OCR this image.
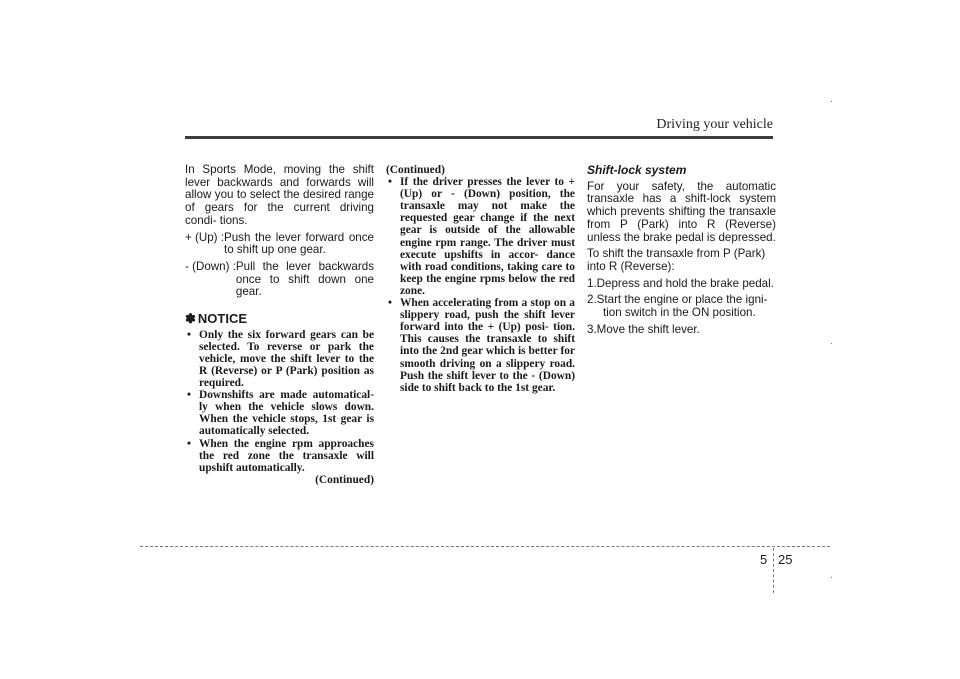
Driving your vehicle

In Sports Mode, moving the shift lever backwards and forwards will allow you to select the desired range of gears for the current driving condi- tions.

+ (Up) : Push the lever forward once to shift up one gear.
- (Down) : Pull the lever backwards once to shift down one gear.
✽ NOTICE
• Only the six forward gears can be selected. To reverse or park the vehicle, move the shift lever to the R (Reverse) or P (Park) position as required.
• Downshifts are made automatical- ly when the vehicle slows down. When the vehicle stops, 1st gear is automatically selected.
• When the engine rpm approaches the red zone the transaxle will upshift automatically.
(Continued)
(Continued)
• If the driver presses the lever to + (Up) or - (Down) position, the transaxle may not make the requested gear change if the next gear is outside of the allowable engine rpm range. The driver must execute upshifts in accor- dance with road conditions, taking care to keep the engine rpms below the red zone.
• When accelerating from a stop on a slippery road, push the shift lever forward into the + (Up) posi- tion. This causes the transaxle to shift into the 2nd gear which is better for smooth driving on a slippery road. Push the shift lever to the - (Down) side to shift back to the 1st gear.
Shift-lock system

For your safety, the automatic transaxle has a shift-lock system which prevents shifting the transaxle from P (Park) into R (Reverse) unless the brake pedal is depressed.

To shift the transaxle from P (Park) into R (Reverse):

1.Depress and hold the brake pedal.
2.Start the engine or place the igni- tion switch in the ON position.
3.Move the shift lever.
5 25
